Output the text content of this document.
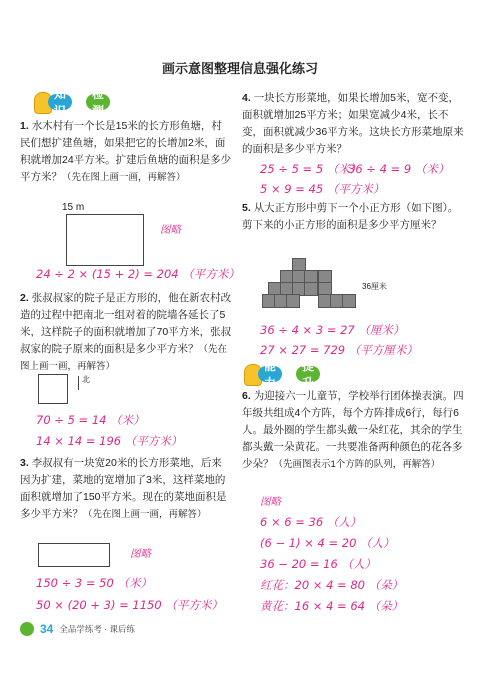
画示意图整理信息强化练习
知识
检测
1. 水木村有一个长是15米的长方形鱼塘，村民们想扩建鱼塘，如果把它的长增加2米，面积就增加24平方米。扩建后鱼塘的面积是多少平方米？（先在图上画一画，再解答）
15 m
图略
24 ÷ 2 × (15 + 2) = 204 （平方米）
2. 张叔叔家的院子是正方形的，他在新农村改造的过程中把南北一组对着的院墙各延长了5米，这样院子的面积就增加了70平方米，张叔叔家的院子原来的面积是多少平方米？（先在图上画一画，再解答）
北
70 ÷ 5 = 14 （米）
14 × 14 = 196 （平方米）
3. 李叔叔有一块宽20米的长方形菜地，后来因为扩建，菜地的宽增加了3米，这样菜地的面积就增加了150平方米。现在的菜地面积是多少平方米？（先在图上画一画，再解答）
图略
150 ÷ 3 = 50 （米）
50 × (20 + 3) = 1150 （平方米）
4. 一块长方形菜地，如果长增加5米，宽不变，面积就增加25平方米；如果宽减少4米，长不变，面积就减少36平方米。这块长方形菜地原来的面积是多少平方米？
25 ÷ 5 = 5 （米）
36 ÷ 4 = 9 （米）
5 × 9 = 45 （平方米）
5. 从大正方形中剪下一个小正方形（如下图）。剪下来的小正方形的面积是多少平方厘米？
36厘米
36 ÷ 4 × 3 = 27 （厘米）
27 × 27 = 729 （平方厘米）
能力
提升
6. 为迎接六一儿童节，学校举行团体操表演。四年级共组成4个方阵，每个方阵排成6行，每行6人。最外圈的学生都头戴一朵红花，其余的学生都头戴一朵黄花。一共要准备两种颜色的花各多少朵？（先画图表示1个方阵的队列，再解答）
图略
6 × 6 = 36 （人）
(6 − 1) × 4 = 20 （人）
36 − 20 = 16 （人）
红花：20 × 4 = 80 （朵）
黄花：16 × 4 = 64 （朵）
34 全品学练考 · 课后练
